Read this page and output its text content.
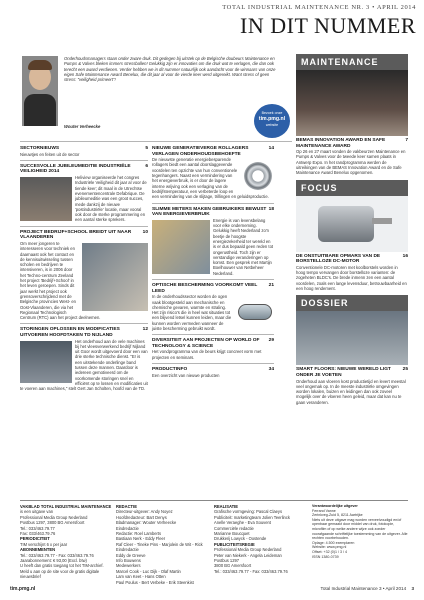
TOTAL INDUSTRIAL MAINTENANCE NR. 3 • APRIL 2014
IN DIT NUMMER
Onderhoudsmanagers staan onder zware druk. Dit gedegen bij uitstek op de Belgische doubeurs Maintenance en Pumps & Valves bleken immers stressballen! Gelukkig zijn er innovaties om die druk wat te verlagen, die dan ook terecht een award verdienen. Verder hebben we in dit nummer natuurlijk ook aandacht voor de winnaars van onze eigen Safe Maintenance Award Benelux, die dit jaar al voor de vierde keer werd uitgereikt. Want stress of geen stress: "veiligheid primeert"!
Wouter Verheecke
Bezoek onze
tim.pmg.nl
website
5
SECTORNIEUWS
Nieuwtjes en feiten uit de sector
6
SUCCESVOLLE JUBILEUMEDITIE INDUSTRIËLE VEILIGHEID 2014
Heliview organiseerde het congres Industriële Veiligheid dit jaar al voor de tiende keer; dit maal in de Utrechtse evenementencentrale Defabrique. De jubileumeditie was een groot succes, mede dankzij de nieuwe 'postindustriële' locatie, maar vooral ook door de sterke programmering en een aantal sterke sprekers.
10
PROJECT BEDRIJF+SCHOOL BREIDT UIT NAAR VLAANDEREN
Om meer jongeren te interesseren voor techniek en daarnaast ook het contact en de kennisuitwisseling tussen scholen en bedrijven te intensiveren, is in 2006 door het Techno-centrum Zeeland het project 'Bedrijf+School' in het leven geroepen. Sinds dit jaar werkt het project ook grensoverschrijdend met de Belgische provincies West- en Oost-Vlaanderen, die via het Regionaal Technologisch Centrum (RTC) aan het project deelnemen.
12
STORINGEN OPLOSSEN EN MODIFICATIES UITVOEREN HOOFDTAKEN TD NIJLAND
Het onderhoud aan de vele machines bij het vleesverwerkend bedrijf Nijland uit Goor wordt uitgevoerd door een van drie sterke technische dienst. "Er is een uitstekende onderlinge band tussen deze mannen. Daardoor is iedereen gemotiveerd om de voorkomende storingen snel en efficiënt op te lossen en modificaties uit te voeren aan machines," stelt Gert Jan Scholten, hoofd van de TD.
14
NIEUWE GENERATIEVERGE ROLLAGERS VERLAGEN ONDERHOUDSBEHOEFTE
De nieuwste generatie energiebesparende rollagers biedt een aantal doorslaggevende voordelen ten opzichte van hun conventionele tegenhangers. Naast een vermindering van het energieverbruik, is er door de lagere interne wrijving ook een verlaging van de bedrijfstemperatuur, een verbeterde loop en een vermindering van de slijtage, trillingen en geluidsproductie.
18
SLIMME METERS MAKEN GEBRUIKERS BEWUST VAN ENERGIEVERBRUIK
Energie is van levensbelang voor elke onderneming. Gelukkig heeft Nederland zo'n beetje de hoogste energiezekerheid ter wereld en is er dus bepaald geen reden tot ongerustheid. Toch zijn er verstandige veranderingen op komst. Een gesprek met Martijn Boelhouwer van Netbeheer Nederland.
21
OPTISCHE BESCHERMING VOORKOMT VEEL LEED
In de onderhoudssector worden de ogen vaak blootgesteld aan mechanische en chemische gevaren, warmte en straling. Het zijn risico's die in heel wat situaties tot een blijvend letsel kunnen leiden, maar die kunnen worden vermeden wanneer de juiste bescherming gebruikt wordt.
29
DIVERSITEIT AAN PROJECTEN OP WORLD OF TECHNOLOGY & SCIENCE
Het vondprogramma van de beurs krijgt concreet vorm met projecten en seminars.
34
PRODUCTINFO
Een overzicht van nieuwe producten
MAINTENANCE
7
BEMAS INNOVATION AWARD EN SAFE MAINTENANCE AWARD
Op 26 en 27 maart vonden de vakbeurzen Maintenance en Pumps & Valves voor de tweede keer samen plaats in Antwerp Expo. In het randprogramma werden de uitreikingen van de BEMAS Innovation Award en de Safe Maintenance Award Benelux opgenomen.
FOCUS
16
DE ONSTUITBARE OPMARS VAN DE BORSTELLOZE DC-MOTOR
Conventionele DC-motoren met koolborstels worden in hoog tempo vervangen door borstelloze varianten: de zogeheten BLDC's. De brede inmenn zen een aantal voordelen, zoals een lange levensduur, betrouwbaarheid en een hoog rendement.
DOSSIER
25
SMART FLOORS: NIEUWE WERELD LIGT ONDER JE VOETEN
Onderhoud aan vloeren kost productietijd en levert meestal veel ongemak op. In de meeste industriële omgevingen worden lokalen, buizen en leidingen dan ook zoveel mogelijk over de vloeren heen geleid, maar dat kan nu te gaan veranderen.
VAKBLAD TOTAL INDUSTRIAL MAINTENANCE
is een uitgave van
Professional Media Group Nederland
Postbus 1297, 3800 BG Amersfoort
Tel.: 033/463.79.77
Fax: 033/463.79.76
PERIODICITEIT
TIM verschijnt 6 x per jaar
ABONNEMENTEN
Tel.: 033/463.79.77 - Fax: 033/463.79.76
Jaarabonnement: € 93,00 (Excl. btw)
U heeft dan gratis toegang tot het TIM-archief. Meld u aan op de site voor de gratis digitale nieuwsbrief
REDACTIE
Directeur-uitgever: Andy Noyez
Hoofdredacteur: Bart Denys
Bladmanager: Wouter Verheecke
Eindredactie
Redactie: Roel Lamberts
Bastiaan Nerk - Eddy Fleer
Raf Cleer - Tineke Pins - Marjolein de Wit - Rick
Eindredactie
Eddy de Greeve
Info Bouwens
Medewerkers
Marcel Cook - Luc Dijk - Olaf Martin
Lam van Keet - Hans Otten
Paul Poulus - Bert Verbeke - Erik Steenkist
REALISATIE
Grafische vormgeving: Pascal Claeys
Publiciteit: marketingteam Jolien Teerlinck
Anelle Veraeghe - Eva Souvent
Commerciële redactie
Marianne Boucquet
Drukkerij Lowyck - Oostende
PUBLICITEITSREGIE
Professional Media Group Nederland
Peter van Niekerk - Angela Leideman
Postbus 1297
3800 BG Amersfoort
Tel.: 033/463.79.77 - Fax: 033/463.79.76
Verantwoordelijke uitgever
Ferrand Vanne
Zerinkveg-Zuid 5, 8211 Aartrijke
Niets uit deze uitgave mag worden verveelvoudigd en/of openbaar gemaakt door middel van druk, fotokopie, microfilm of op welke andere wijze ook zonder voorafgaande schriftelijke toestemming van de uitgever. Alle rechten voorbehouden.
Oplage: 4.500 exemplaren
Website: www.pmg.nl
Offset: +32 (0)1 / 3 / 4
ISSN 1380-0739
tim.pmg.nl	Total Industrial Maintenance 3 • April 2014 3
